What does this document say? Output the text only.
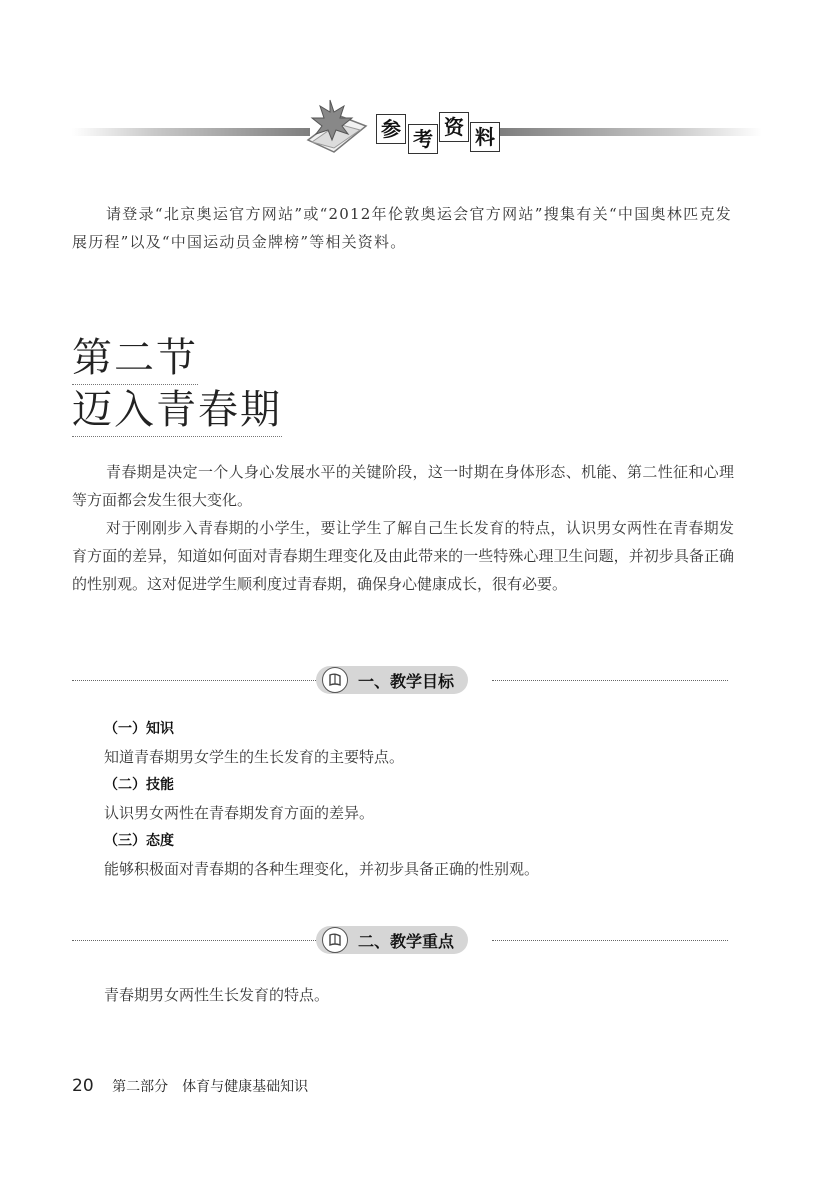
参 考 资 料
请登录“北京奥运官方网站”或“2012年伦敦奥运会官方网站”搜集有关“中国奥林匹克发展历程”以及“中国运动员金牌榜”等相关资料。
第二节
迈入青春期

青春期是决定一个人身心发展水平的关键阶段，这一时期在身体形态、机能、第二性征和心理等方面都会发生很大变化。

对于刚刚步入青春期的小学生，要让学生了解自己生长发育的特点，认识男女两性在青春期发育方面的差异，知道如何面对青春期生理变化及由此带来的一些特殊心理卫生问题，并初步具备正确的性别观。这对促进学生顺利度过青春期，确保身心健康成长，很有必要。

一、教学目标
（一）知识
知道青春期男女学生的生长发育的主要特点。
（二）技能
认识男女两性在青春期发育方面的差异。
（三）态度
能够积极面对青春期的各种生理变化，并初步具备正确的性别观。
二、教学重点
青春期男女两性生长发育的特点。
20 第二部分　体育与健康基础知识
